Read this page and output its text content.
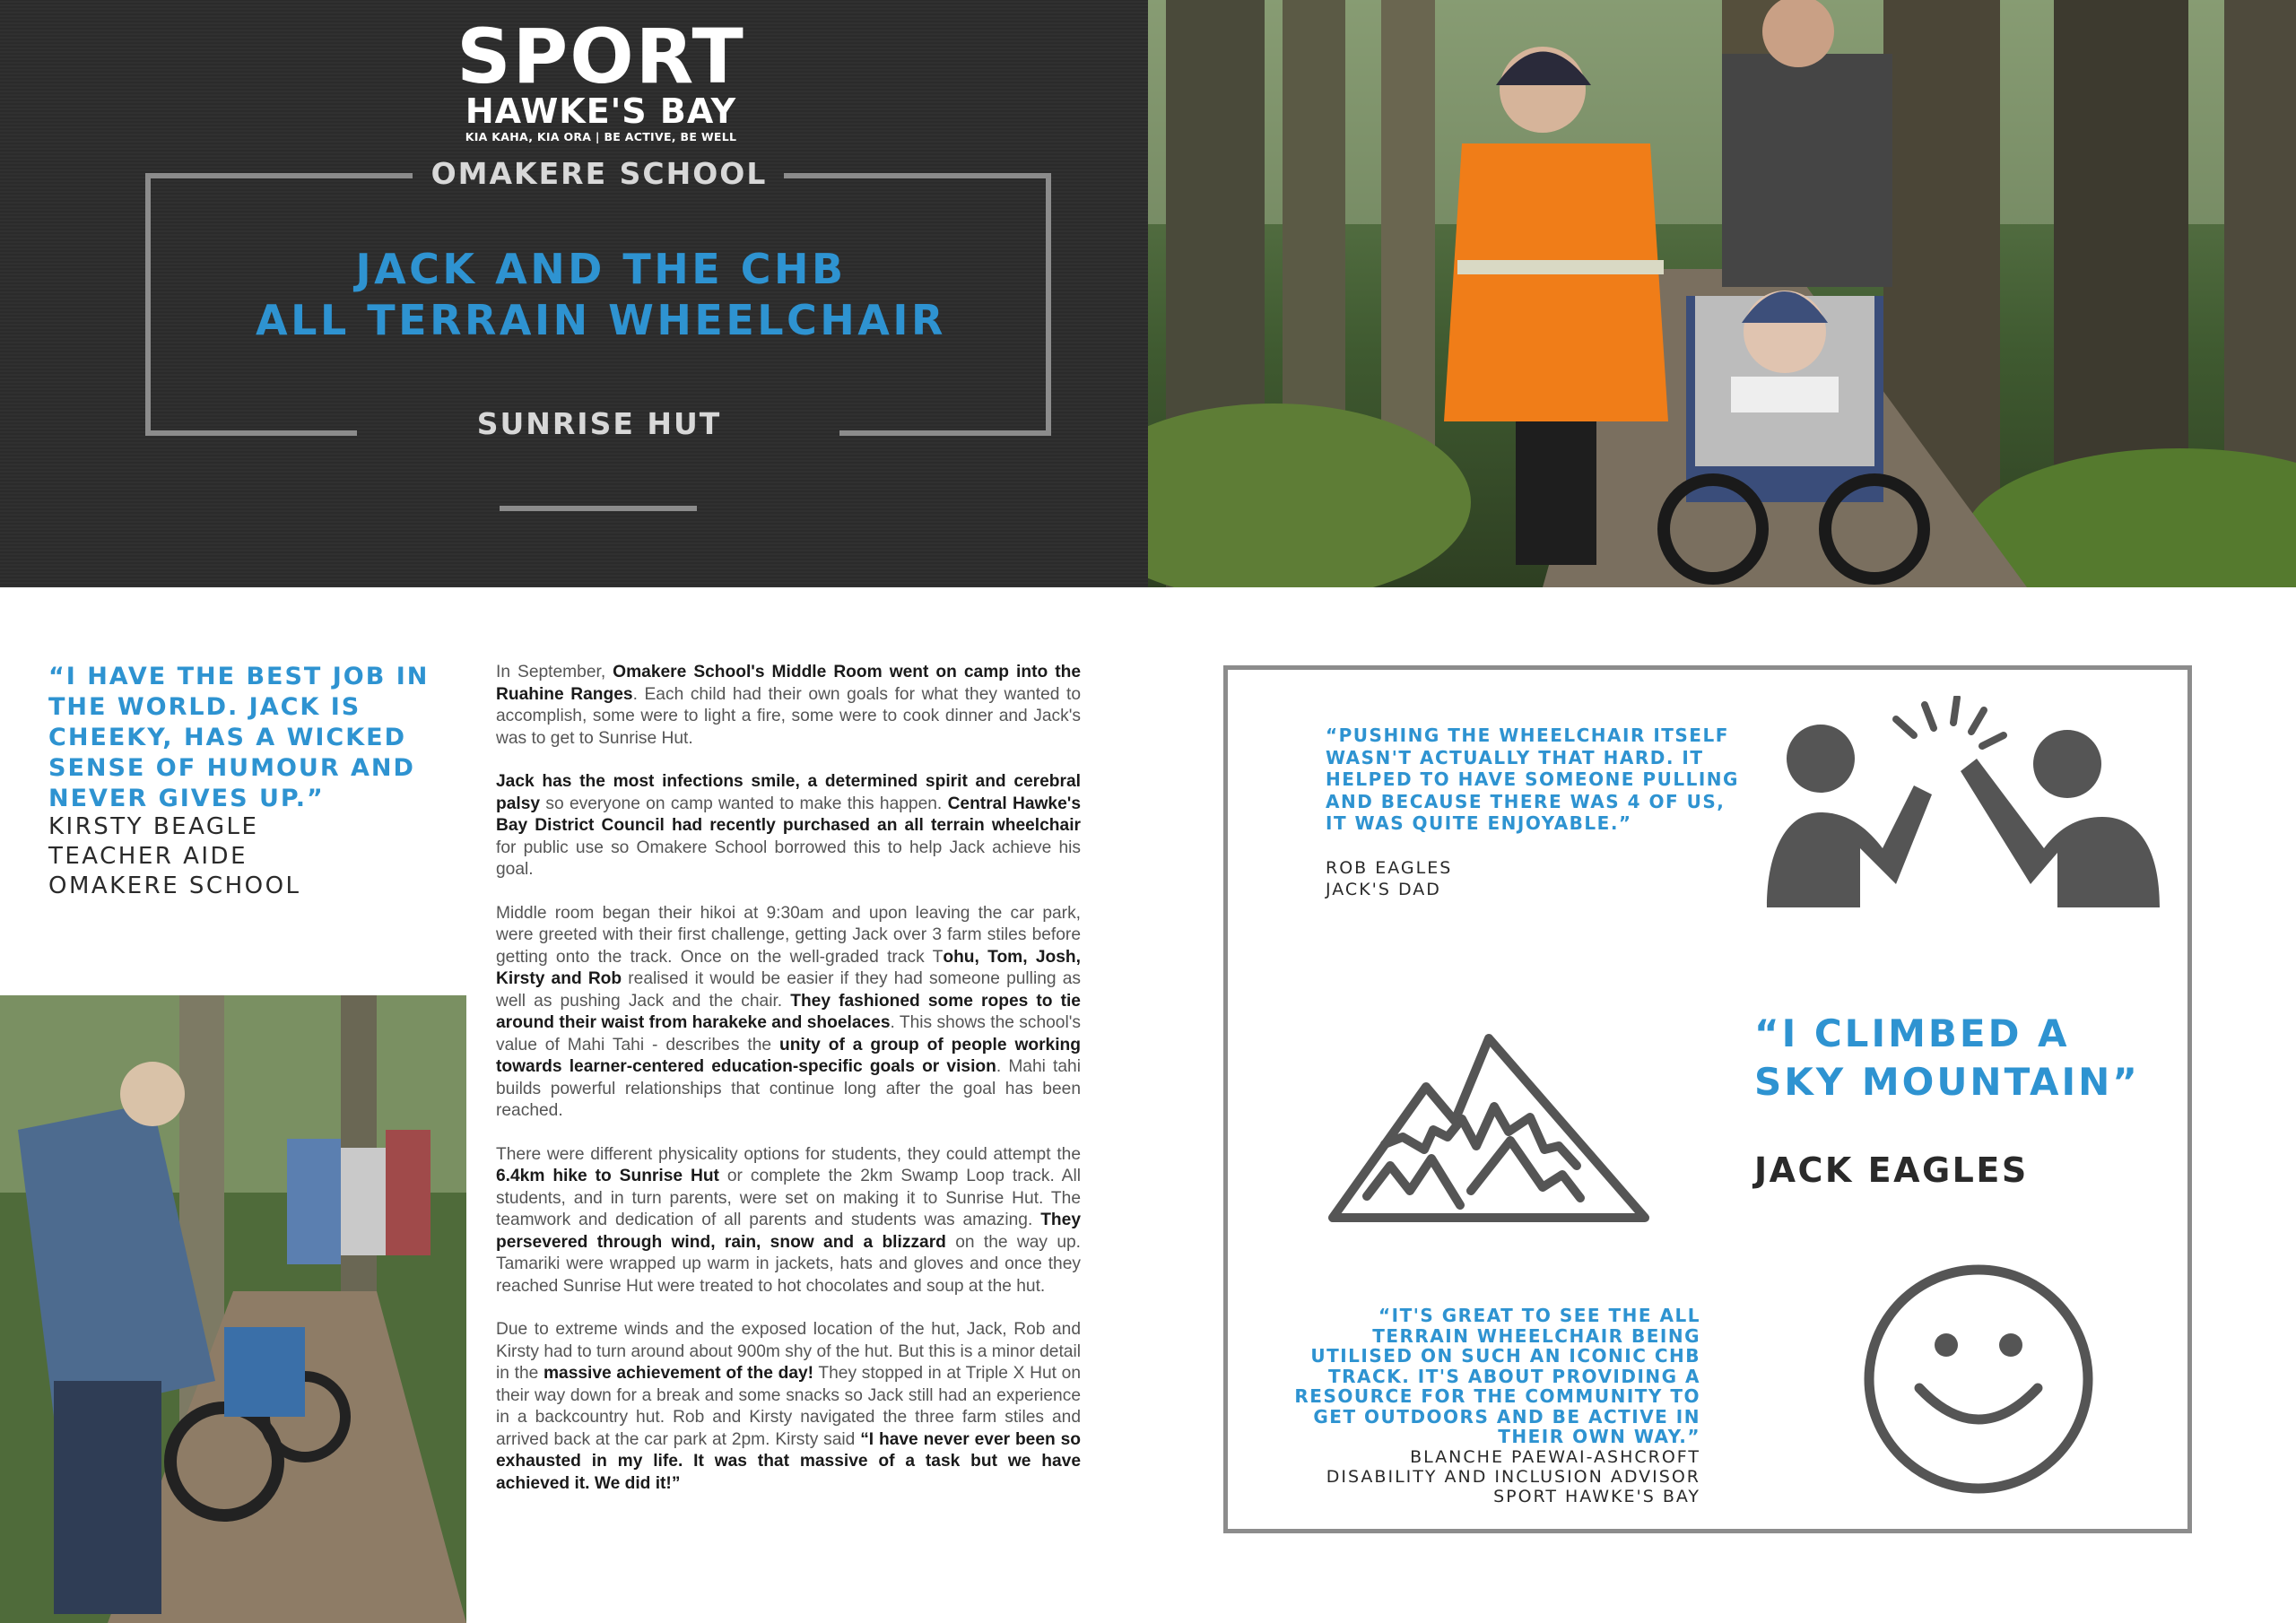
SPORT
HAWKE'S BAY
KIA KAHA, KIA ORA | BE ACTIVE, BE WELL
OMAKERE SCHOOL
JACK AND THE CHB
ALL TERRAIN WHEELCHAIR
SUNRISE HUT
“I HAVE THE BEST JOB IN THE WORLD. JACK IS CHEEKY, HAS A WICKED SENSE OF HUMOUR AND NEVER GIVES UP.”
KIRSTY BEAGLE
TEACHER AIDE
OMAKERE SCHOOL

In September, Omakere School's Middle Room went on camp into the Ruahine Ranges. Each child had their own goals for what they wanted to accomplish, some were to light a fire, some were to cook dinner and Jack's was to get to Sunrise Hut.

Jack has the most infections smile, a determined spirit and cerebral palsy so everyone on camp wanted to make this happen. Central Hawke's Bay District Council had recently purchased an all terrain wheelchair for public use so Omakere School borrowed this to help Jack achieve his goal.

Middle room began their hikoi at 9:30am and upon leaving the car park, were greeted with their first challenge, getting Jack over 3 farm stiles before getting onto the track. Once on the well-graded track Tohu, Tom, Josh, Kirsty and Rob realised it would be easier if they had someone pulling as well as pushing Jack and the chair. They fashioned some ropes to tie around their waist from harakeke and shoelaces. This shows the school's value of Mahi Tahi - describes the unity of a group of people working towards learner-centered education-specific goals or vision. Mahi tahi builds powerful relationships that continue long after the goal has been reached.

There were different physicality options for students, they could attempt the 6.4km hike to Sunrise Hut or complete the 2km Swamp Loop track. All students, and in turn parents, were set on making it to Sunrise Hut. The teamwork and dedication of all parents and students was amazing. They persevered through wind, rain, snow and a blizzard on the way up. Tamariki were wrapped up warm in jackets, hats and gloves and once they reached Sunrise Hut were treated to hot chocolates and soup at the hut.

Due to extreme winds and the exposed location of the hut, Jack, Rob and Kirsty had to turn around about 900m shy of the hut. But this is a minor detail in the massive achievement of the day! They stopped in at Triple X Hut on their way down for a break and some snacks so Jack still had an experience in a backcountry hut. Rob and Kirsty navigated the three farm stiles and arrived back at the car park at 2pm. Kirsty said “I have never ever been so exhausted in my life. It was that massive of a task but we have achieved it. We did it!”

“PUSHING THE WHEELCHAIR ITSELF WASN'T ACTUALLY THAT HARD. IT HELPED TO HAVE SOMEONE PULLING AND BECAUSE THERE WAS 4 OF US, IT WAS QUITE ENJOYABLE.”
ROB EAGLES
JACK'S DAD
“I CLIMBED A SKY MOUNTAIN”
JACK EAGLES
“IT'S GREAT TO SEE THE ALL TERRAIN WHEELCHAIR BEING UTILISED ON SUCH AN ICONIC CHB TRACK. IT'S ABOUT PROVIDING A RESOURCE FOR THE COMMUNITY TO GET OUTDOORS AND BE ACTIVE IN THEIR OWN WAY.”
BLANCHE PAEWAI-ASHCROFT
DISABILITY AND INCLUSION ADVISOR
SPORT HAWKE'S BAY
